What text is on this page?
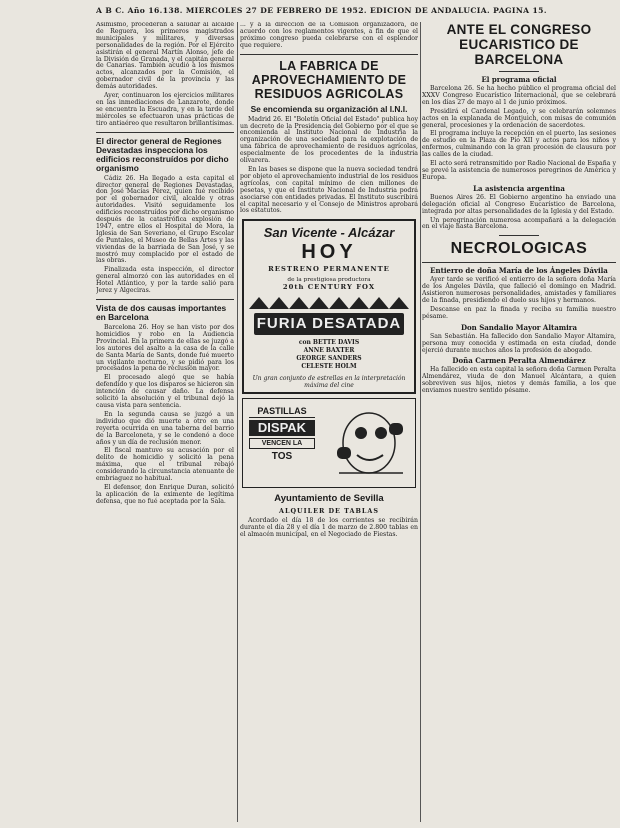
A B C. Año 16.138. MIERCOLES 27 DE FEBRERO DE 1952. EDICION DE ANDALUCIA. PAGINA 15.

Asimismo, procederán a saludar al alcalde de Reguera, los primeros magistrados municipales y militares, y diversas personalidades de la región. Por el Ejército asistirán el general Martín Alonso, jefe de la División de Granada, y el capitán general de Canarias. También acudió a los mismos actos, alcanzados por la Comisión, el gobernador civil de la provincia y las demás autoridades.

Ayer, continuaron los ejercicios militares en las inmediaciones de Lanzarote, donde se encuentra la Escuadra, y en la tarde del miércoles se efectuaron unas prácticas de tiro antiaéreo que resultaron brillantísimas.

El director general de Regiones Devastadas inspecciona los edificios reconstruídos por dicho organismo

Cádiz 26. Ha llegado a esta capital el director general de Regiones Devastadas, don José Macías Pérez, quien fué recibido por el gobernador civil, alcalde y otras autoridades. Visitó seguidamente los edificios reconstruídos por dicho organismo después de la catastrófica explosión de 1947, entre ellos el Hospital de Mora, la Iglesia de San Severiano, el Grupo Escolar de Puntales, el Museo de Bellas Artes y las viviendas de la barriada de San José, y se mostró muy complacido por el estado de las obras.

Finalizada esta inspección, el director general almorzó con las autoridades en el Hotel Atlántico, y por la tarde salió para Jerez y Algeciras.

Vista de dos causas importantes en Barcelona

Barcelona 26. Hoy se han visto por dos homicidios y robo en la Audiencia Provincial. En la primera de ellas se juzgó a los autores del asalto a la casa de la calle de Santa María de Sants, donde fué muerto un vigilante nocturno, y se pidió para los procesados la pena de reclusión mayor.

El procesado alegó que se había defendido y que los disparos se hicieron sin intención de causar daño. La defensa solicitó la absolución y el tribunal dejó la causa vista para sentencia.

En la segunda causa se juzgó a un individuo que dió muerte a otro en una reyerta ocurrida en una taberna del barrio de la Barceloneta, y se le condenó a doce años y un día de reclusión menor.

El fiscal mantuvo su acusación por el delito de homicidio y solicitó la pena máxima, que el tribunal rebajó considerando la circunstancia atenuante de embriaguez no habitual.

El defensor, don Enrique Duran, solicitó la aplicación de la eximente de legítima defensa, que no fué aceptada por la Sala.

... y a la dirección de la Comisión organizadora, de acuerdo con los reglamentos vigentes, a fin de que el próximo congreso pueda celebrarse con el esplendor que requiere.

LA FABRICA DE APROVECHAMIENTO DE RESIDUOS AGRICOLAS
Se encomienda su organización al I.N.I.

Madrid 26. El "Boletín Oficial del Estado" publica hoy un decreto de la Presidencia del Gobierno por el que se encomienda al Instituto Nacional de Industria la organización de una sociedad para la explotación de una fábrica de aprovechamiento de residuos agrícolas, especialmente de los procedentes de la industria olivarera.

En las bases se dispone que la nueva sociedad tendrá por objeto el aprovechamiento industrial de los residuos agrícolas, con capital mínimo de cien millones de pesetas, y que el Instituto Nacional de Industria podrá asociarse con entidades privadas. El Instituto suscribirá el capital necesario y el Consejo de Ministros aprobará los estatutos.

San Vicente - Alcázar
HOY
RESTRENO PERMANENTE
de la prestigiosa productora
20th CENTURY FOX
FURIA DESATADA
con BETTE DAVIS
ANNE BAXTER
GEORGE SANDERS
CELESTE HOLM
Un gran conjunto de estrellas en la interpretación máxima del cine
PASTILLAS
DISPAK
VENCEN LA
TOS
Ayuntamiento de Sevilla
ALQUILER DE TABLAS

Acordado el día 18 de los corrientes se recibirán durante el día 28 y el día 1 de marzo de 2.800 tablas en el almacén municipal, en el Negociado de Fiestas.

ANTE EL CONGRESO EUCARISTICO DE BARCELONA
El programa oficial

Barcelona 26. Se ha hecho público el programa oficial del XXXV Congreso Eucarístico Internacional, que se celebrará en los días 27 de mayo al 1 de junio próximos.

Presidirá el Cardenal Legado, y se celebrarán solemnes actos en la explanada de Montjuich, con misas de comunión general, procesiones y la ordenación de sacerdotes.

El programa incluye la recepción en el puerto, las sesiones de estudio en la Plaza de Pío XII y actos para los niños y enfermos, culminando con la gran procesión de clausura por las calles de la ciudad.

El acto será retransmitido por Radio Nacional de España y se prevé la asistencia de numerosos peregrinos de América y Europa.

La asistencia argentina

Buenos Aires 26. El Gobierno argentino ha enviado una delegación oficial al Congreso Eucarístico de Barcelona, integrada por altas personalidades de la Iglesia y del Estado.

Un peregrinación numerosa acompañará a la delegación en el viaje hasta Barcelona.

NECROLOGICAS
Entierro de doña María de los Ángeles Dávila

Ayer tarde se verificó el entierro de la señora doña María de los Ángeles Dávila, que falleció el domingo en Madrid. Asistieron numerosas personalidades, amistades y familiares de la finada, presidiendo el duelo sus hijos y hermanos.

Descanse en paz la finada y reciba su familia nuestro pésame.

Don Sandalio Mayor Altamira

San Sebastián. Ha fallecido don Sandalio Mayor Altamira, persona muy conocida y estimada en esta ciudad, donde ejerció durante muchos años la profesión de abogado.

Doña Carmen Peralta Almendárez

Ha fallecido en esta capital la señora doña Carmen Peralta Almendárez, viuda de don Manuel Alcántara, a quien sobreviven sus hijos, nietos y demás familia, a los que enviamos nuestro sentido pésame.
